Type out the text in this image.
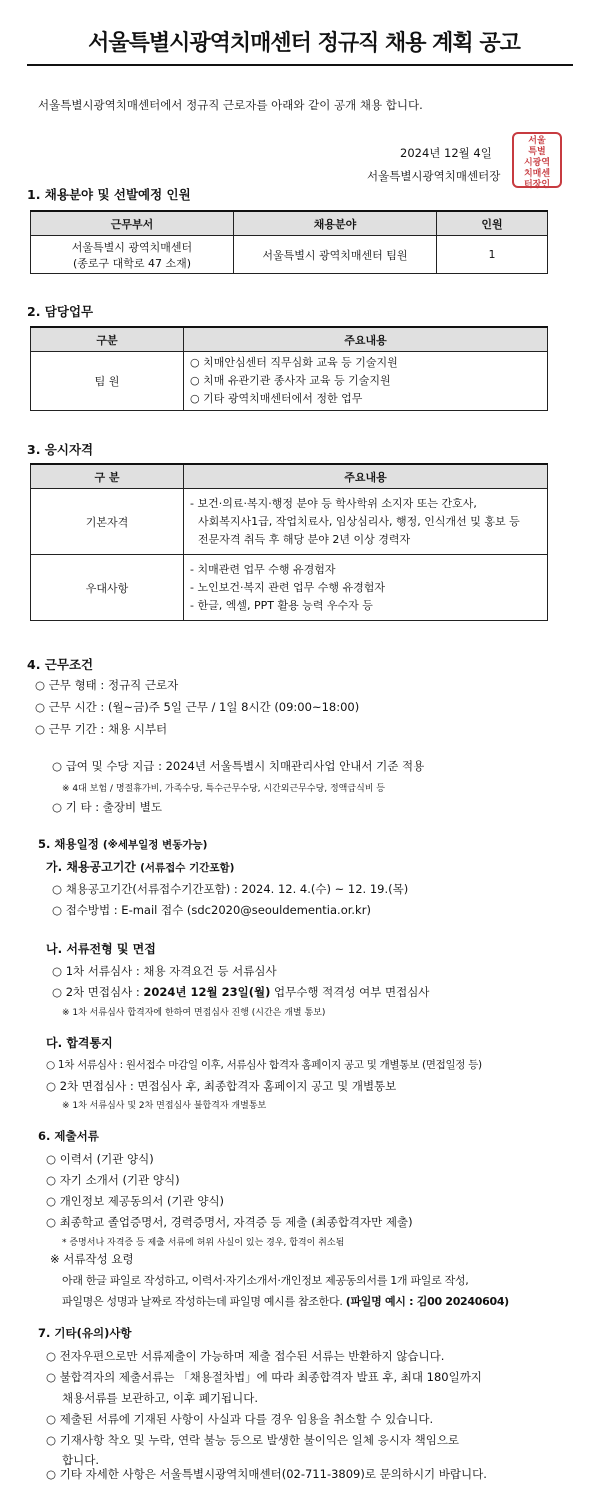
서울특별시광역치매센터 정규직 채용 계획 공고
서울특별시광역치매센터에서 정규직 근로자를 아래와 같이 공개 채용 합니다.
2024년 12월 4일
서울특별시광역치매센터장
서울
특별
시광역
치매센
터장인
1. 채용분야 및 선발예정 인원
근무부서	채용분야	인원

서울특별시 광역치매센터
(종로구 대학로 47 소재)	서울특별시 광역치매센터 팀원	1
2. 담당업무
구분	주요내용
팀 원	○ 치매안심센터 직무심화 교육 등 기술지원
○ 치매 유관기관 종사자 교육 등 기술지원
○ 기타 광역치매센터에서 정한 업무
3. 응시자격
구 분	주요내용
기본자격	- 보건·의료·복지·행정 분야 등 학사학위 소지자 또는 간호사,
사회복지사1급, 작업치료사, 임상심리사, 행정, 인식개선 및 홍보 등
전문자격 취득 후 해당 분야 2년 이상 경력자

우대사항	- 치매관련 업무 수행 유경험자
- 노인보건·복지 관련 업무 수행 유경험자
- 한글, 엑셀, PPT 활용 능력 우수자 등
4. 근무조건
○ 근무 형태 : 정규직 근로자
○ 근무 시간 : (월~금)주 5일 근무 / 1일 8시간 (09:00~18:00)
○ 근무 기간 : 채용 시부터
○ 급여 및 수당 지급 : 2024년 서울특별시 치매관리사업 안내서 기준 적용
※ 4대 보험 / 명절휴가비, 가족수당, 특수근무수당, 시간외근무수당, 정액급식비 등
○ 기 타 : 출장비 별도
5. 채용일정 (※세부일정 변동가능)
가. 채용공고기간 (서류접수 기간포함)
○ 채용공고기간(서류접수기간포함) : 2024. 12. 4.(수) ~ 12. 19.(목)
○ 접수방법 : E-mail 접수 (sdc2020@seouldementia.or.kr)
나. 서류전형 및 면접
○ 1차 서류심사 : 채용 자격요건 등 서류심사
○ 2차 면접심사 : 2024년 12월 23일(월) 업무수행 적격성 여부 면접심사
※ 1차 서류심사 합격자에 한하여 면접심사 진행 (시간은 개별 통보)
다. 합격통지
○ 1차 서류심사 : 원서접수 마감일 이후, 서류심사 합격자 홈페이지 공고 및 개별통보 (면접일정 등)
○ 2차 면접심사 : 면접심사 후, 최종합격자 홈페이지 공고 및 개별통보
※ 1차 서류심사 및 2차 면접심사 불합격자 개별통보
6. 제출서류
○ 이력서 (기관 양식)
○ 자기 소개서 (기관 양식)
○ 개인정보 제공동의서 (기관 양식)
○ 최종학교 졸업증명서, 경력증명서, 자격증 등 제출 (최종합격자만 제출)
* 증명서나 자격증 등 제출 서류에 허위 사실이 있는 경우, 합격이 취소됨
※ 서류작성 요령
아래 한글 파일로 작성하고, 이력서·자기소개서·개인정보 제공동의서를 1개 파일로 작성,
파일명은 성명과 날짜로 작성하는데 파일명 예시를 참조한다. (파일명 예시 : 김00 20240604)
7. 기타(유의)사항
○ 전자우편으로만 서류제출이 가능하며 제출 접수된 서류는 반환하지 않습니다.
○ 불합격자의 제출서류는 「채용절차법」에 따라 최종합격자 발표 후, 최대 180일까지
채용서류를 보관하고, 이후 폐기됩니다.
○ 제출된 서류에 기재된 사항이 사실과 다를 경우 임용을 취소할 수 있습니다.
○ 기재사항 착오 및 누락, 연락 불능 등으로 발생한 불이익은 일체 응시자 책임으로
합니다.
○ 기타 자세한 사항은 서울특별시광역치매센터(02-711-3809)로 문의하시기 바랍니다.
